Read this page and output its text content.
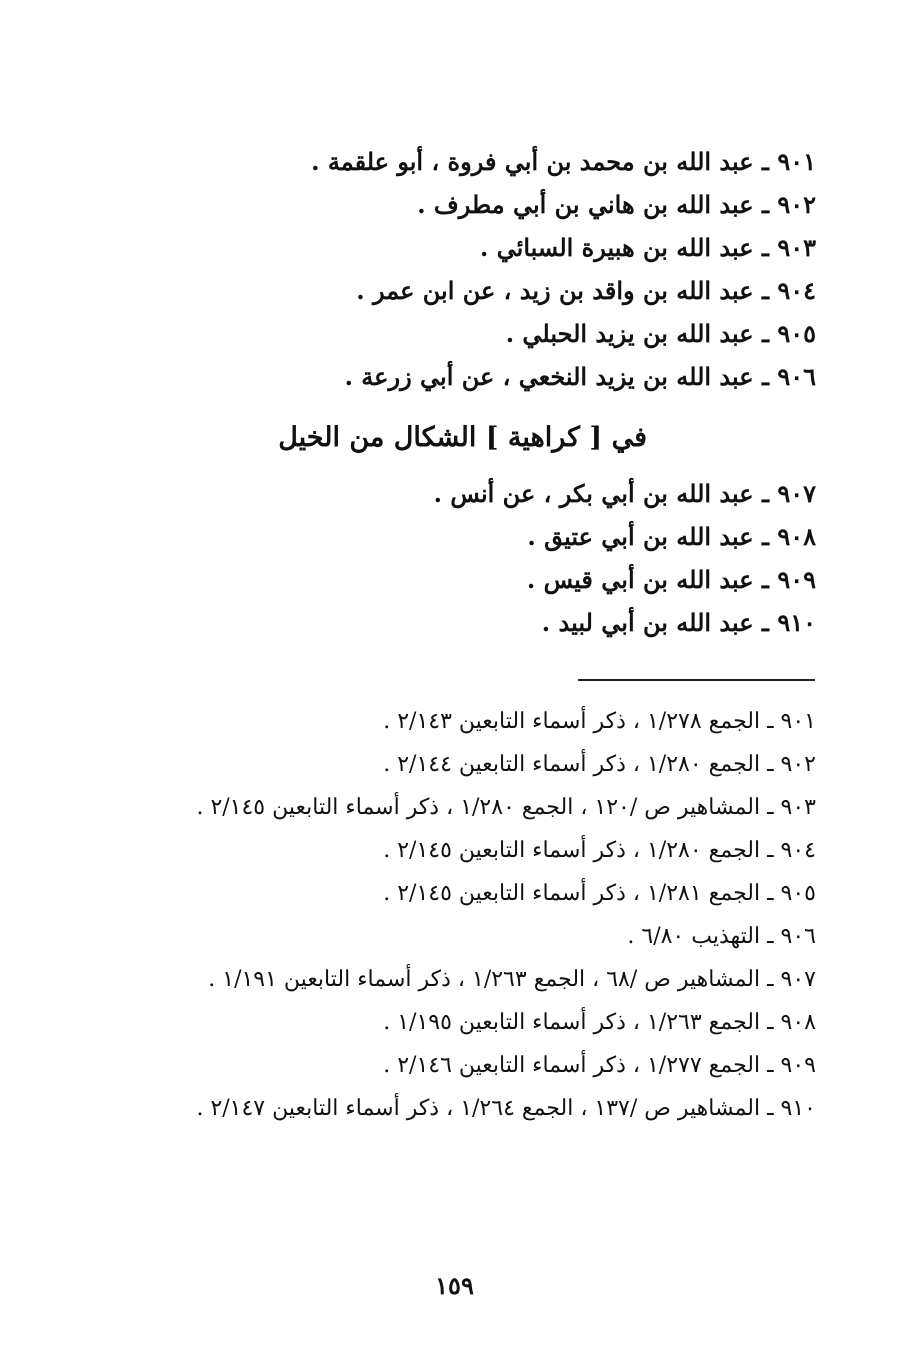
٩٠١ ـ عبد الله بن محمد بن أبي فروة ، أبو علقمة .
٩٠٢ ـ عبد الله بن هاني بن أبي مطرف .
٩٠٣ ـ عبد الله بن هبيرة السبائي .
٩٠٤ ـ عبد الله بن واقد بن زيد ، عن ابن عمر .
٩٠٥ ـ عبد الله بن يزيد الحبلي .
٩٠٦ ـ عبد الله بن يزيد النخعي ، عن أبي زرعة .
في [ كراهية ] الشكال من الخيل
٩٠٧ ـ عبد الله بن أبي بكر ، عن أنس .
٩٠٨ ـ عبد الله بن أبي عتيق .
٩٠٩ ـ عبد الله بن أبي قيس .
٩١٠ ـ عبد الله بن أبي لبيد .
٩٠١ ـ الجمع ١/٢٧٨ ، ذكر أسماء التابعين ٢/١٤٣ .
٩٠٢ ـ الجمع ١/٢٨٠ ، ذكر أسماء التابعين ٢/١٤٤ .
٩٠٣ ـ المشاهير ص /١٢٠ ، الجمع ١/٢٨٠ ، ذكر أسماء التابعين ٢/١٤٥ .
٩٠٤ ـ الجمع ١/٢٨٠ ، ذكر أسماء التابعين ٢/١٤٥ .
٩٠٥ ـ الجمع ١/٢٨١ ، ذكر أسماء التابعين ٢/١٤٥ .
٩٠٦ ـ التهذيب ٦/٨٠ .
٩٠٧ ـ المشاهير ص /٦٨ ، الجمع ١/٢٦٣ ، ذكر أسماء التابعين ١/١٩١ .
٩٠٨ ـ الجمع ١/٢٦٣ ، ذكر أسماء التابعين ١/١٩٥ .
٩٠٩ ـ الجمع ١/٢٧٧ ، ذكر أسماء التابعين ٢/١٤٦ .
٩١٠ ـ المشاهير ص /١٣٧ ، الجمع ١/٢٦٤ ، ذكر أسماء التابعين ٢/١٤٧ .
١٥٩
